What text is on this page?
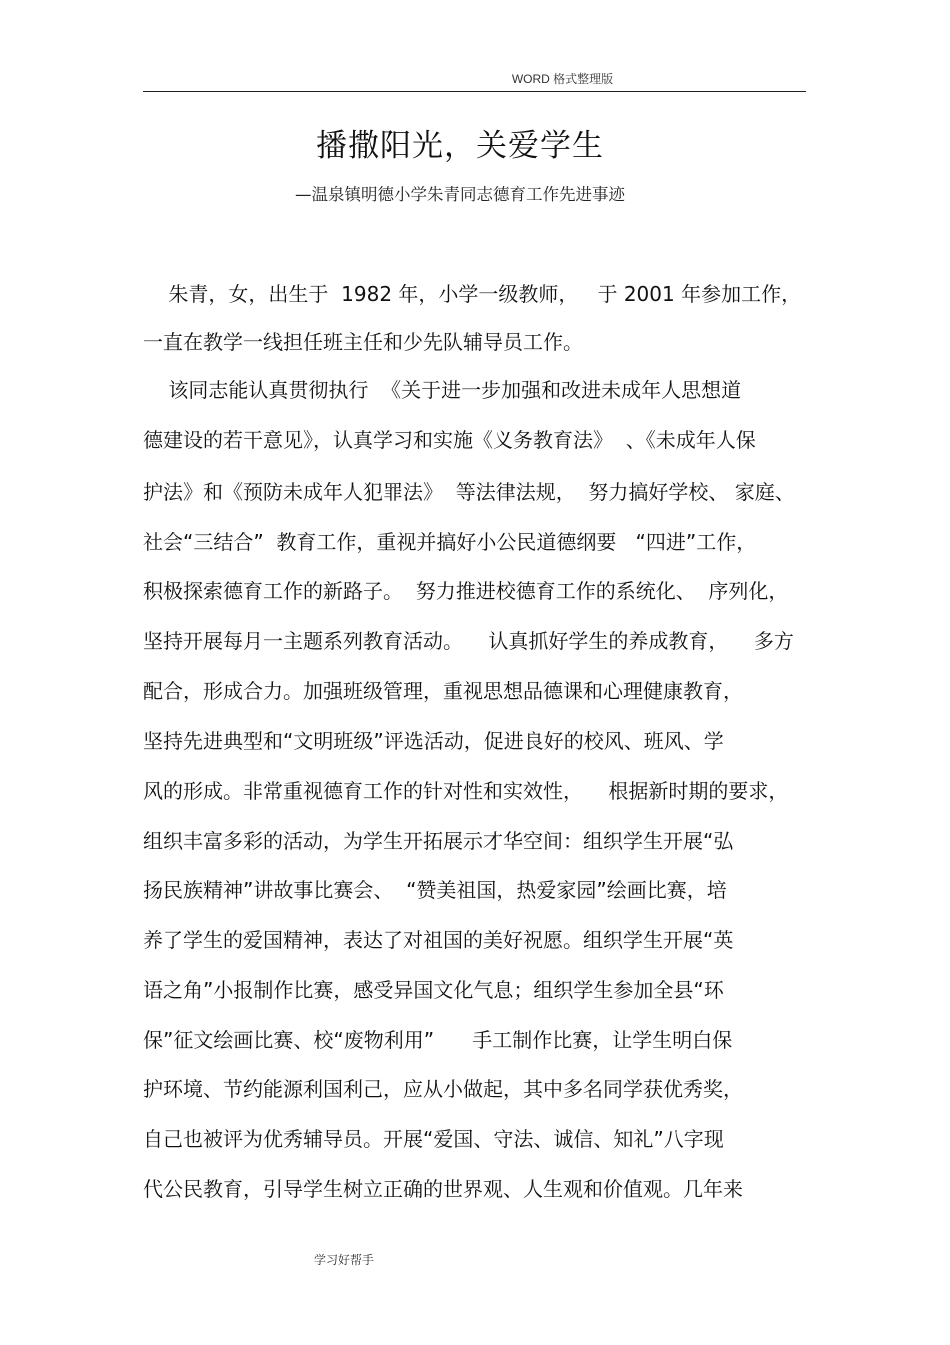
WORD 格式整理版
播撒阳光，关爱学生
—温泉镇明德小学朱青同志德育工作先进事迹
朱青，女，出生于  1982 年，小学一级教师，   于 2001 年参加工作，
一直在教学一线担任班主任和少先队辅导员工作。
该同志能认真贯彻执行  《关于进一步加强和改进未成年人思想道
德建设的若干意见》，认真学习和实施《义务教育法》  、《未成年人保
护法》和《预防未成年人犯罪法》  等法律法规，  努力搞好学校、 家庭、
社会“三结合”  教育工作，重视并搞好小公民道德纲要   “四进”工作，
积极探索德育工作的新路子。  努力推进校德育工作的系统化、  序列化，
坚持开展每月一主题系列教育活动。    认真抓好学生的养成教育，    多方
配合，形成合力。加强班级管理，重视思想品德课和心理健康教育，
坚持先进典型和“文明班级”评选活动，促进良好的校风、班风、学
风的形成。非常重视德育工作的针对性和实效性，    根据新时期的要求，
组织丰富多彩的活动，为学生开拓展示才华空间：组织学生开展“弘
扬民族精神”讲故事比赛会、  “赞美祖国，热爱家园”绘画比赛，培
养了学生的爱国精神，表达了对祖国的美好祝愿。组织学生开展“英
语之角”小报制作比赛，感受异国文化气息；组织学生参加全县“环
保”征文绘画比赛、校“废物利用”      手工制作比赛，让学生明白保
护环境、节约能源利国利己，应从小做起，其中多名同学获优秀奖，
自己也被评为优秀辅导员。开展“爱国、守法、诚信、知礼”八字现
代公民教育，引导学生树立正确的世界观、人生观和价值观。几年来
学习好帮手
